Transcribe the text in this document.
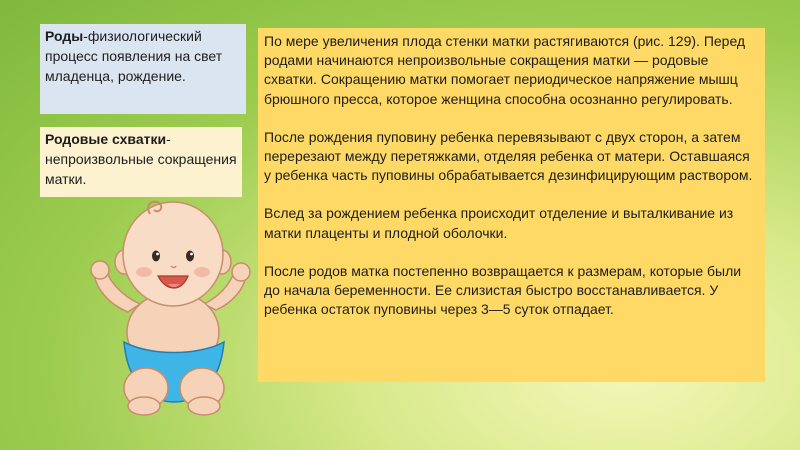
Роды-физиологический процесс появления на свет младенца, рождение.
Родовые схватки-непроизвольные сокращения матки.

По мере увеличения плода стенки матки растягиваются (рис. 129). Перед родами начинаются непроизвольные сокращения матки — родовые схватки. Сокращению матки помогает периодическое напряжение мышц брюшного пресса, которое женщина способна осознанно регулировать.

После рождения пуповину ребенка перевязывают с двух сторон, а затем перерезают между перетяжками, отделяя ребенка от матери. Оставшаяся у ребенка часть пуповины обрабатывается дезинфицирующим раствором.

Вслед за рождением ребенка происходит отделение и выталкивание из матки плаценты и плодной оболочки.

После родов матка постепенно возвращается к размерам, которые были до начала беременности. Ее слизистая быстро восстанавливается. У ребенка остаток пуповины через 3—5 суток отпадает.
